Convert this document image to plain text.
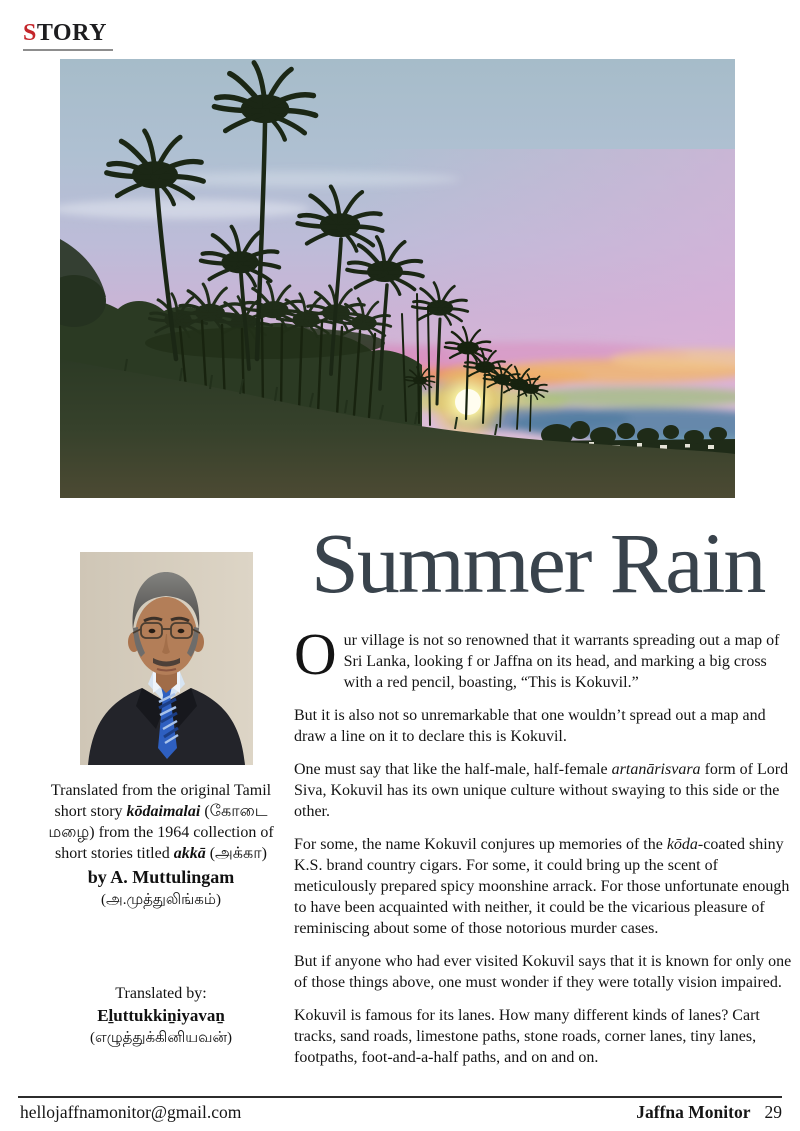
STORY
Summer Rain

Translated from the original Tamil short story kōdaimalai (கோடை மழை) from the 1964 collection of short stories titled akkā (அக்கா)

by A. Muttulingam

(அ.முத்துலிங்கம்)

Translated by:

Eḻuttukkiṉiyavaṉ

(எழுத்துக்கினியவன்)

Our village is not so renowned that it warrants spreading out a map of Sri Lanka, looking f or Jaffna on its head, and marking a big cross with a red pencil, boasting, “This is Kokuvil.”

But it is also not so unremarkable that one wouldn’t spread out a map and draw a line on it to declare this is Kokuvil.

One must say that like the half-male, half-female artanārisvara form of Lord Siva, Kokuvil has its own unique culture without swaying to this side or the other.

For some, the name Kokuvil conjures up memories of the kōda-coated shiny K.S. brand country cigars. For some, it could bring up the scent of meticulously prepared spicy moonshine arrack. For those unfortunate enough to have been acquainted with neither, it could be the vicarious pleasure of reminiscing about some of those notorious murder cases.

But if anyone who had ever visited Kokuvil says that it is known for only one of those things above, one must wonder if they were totally vision impaired.

Kokuvil is famous for its lanes. How many different kinds of lanes? Cart tracks, sand roads, limestone paths, stone roads, corner lanes, tiny lanes, footpaths, foot-and-a-half paths, and on and on.

hellojaffnamonitor@gmail.com	Jaffna Monitor 29
